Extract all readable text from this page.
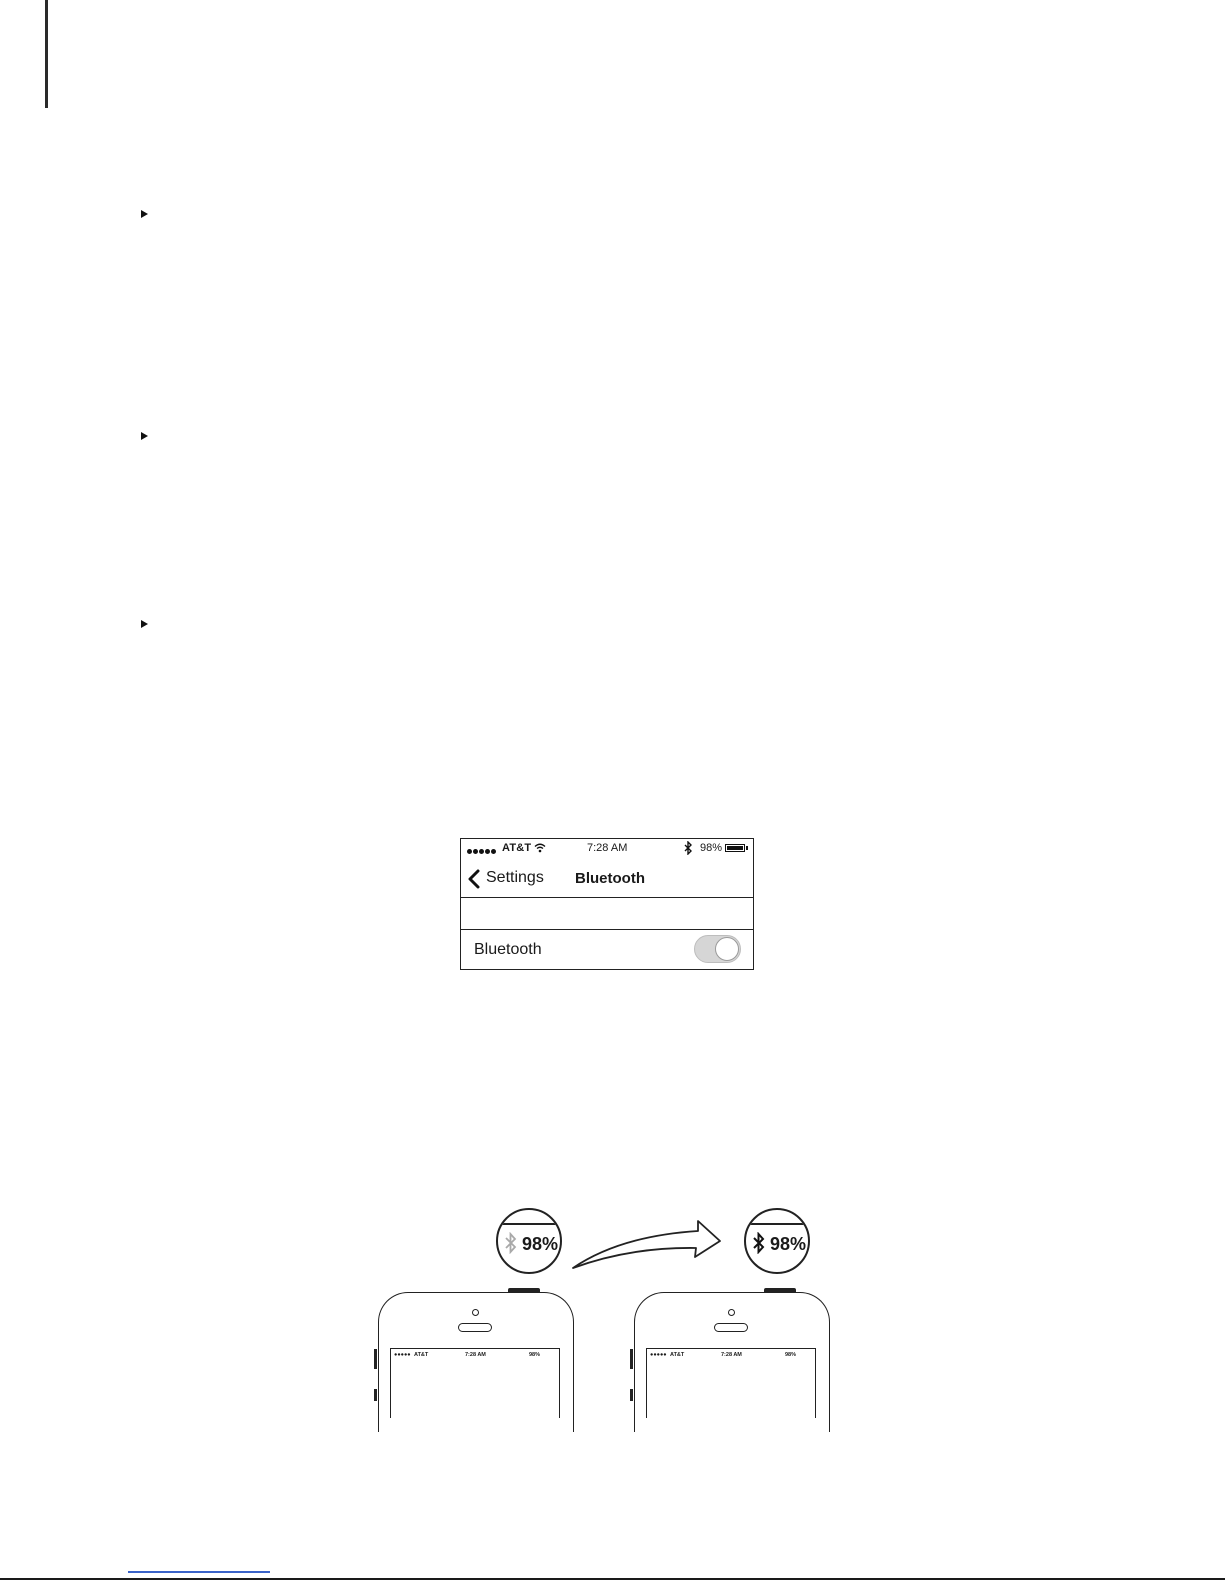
AT&T	7:28 AM	98%
Settings Bluetooth
Bluetooth
98%	98%
●●●●● AT&T	7:28 AM	98%	●●●●● AT&T	7:28 AM	98%
